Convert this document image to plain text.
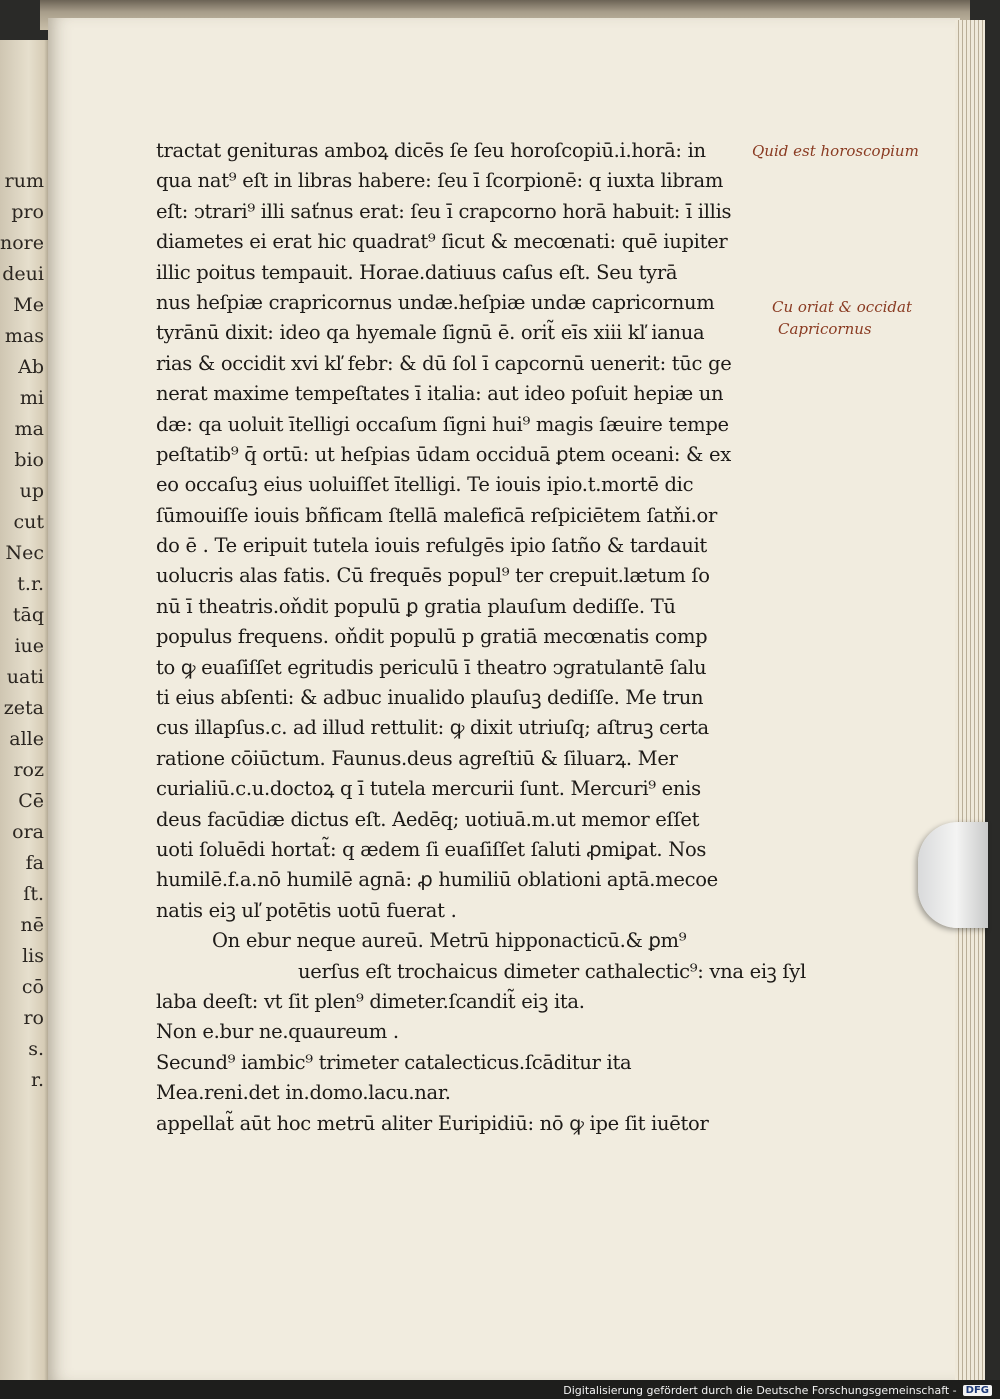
rum
pro
nore
deui
Me
mas
Ab
mi
ma
bio
up
cut
Nec
t.r.
tāq
iue
uati
zeta
alle
roz
Cē
ora
fa
ſt.
nē
lis
cō
ro
s.
r.
tractat genituras amboꝝ dicēs ſe ſeu horoſcopiū.i.horā: in
qua nat⁹ eſt in libras habere: ſeu ī ſcorpionē: q iuxta libram
eſt: ↄtrari⁹ illi saťnus erat: ſeu ī crapcorno horā habuit: ī illis
diametes ei erat hic quadrat⁹ ſicut & mecœnati: quē iupiter
illic poitus tempauit. Horae.datiuus caſus eſt. Seu tyrā
nus heſpiæ crapricornus undæ.heſpiæ undæ capricornum
tyrānū dixit: ideo qa hyemale ſignū ē. orit̃ eīs xiii kľ ianua
rias & occidit xvi kľ febr: & dū ſol ī capcornū uenerit: tūc ge
nerat maxime tempeſtates ī italia: aut ideo poſuit hepiæ un
dæ: qa uoluit ītelligi occaſum ſigni hui⁹ magis ſæuire tempe
peſtatib⁹ q̄ ortū: ut heſpias ūdam occiduā ꝑtem oceani: & ex
eo occaſuꝫ eius uoluiſſet ītelligi. Te iouis ipio.t.mortē dic
ſūmouiſſe iouis bñficam ſtellā maleficā reſpiciētem ſatňi.or
do ē . Te eripuit tutela iouis refulgēs ipio ſatño & tardauit
uolucris alas fatis. Cū frequēs popul⁹ ter crepuit.lætum ſo
nū ī theatris.oňdit populū ꝑ gratia plauſum dediſſe. Tū
populus frequens. oňdit populū p gratiā mecœnatis comp
to ꝙ euaſiſſet egritudis periculū ī theatro ↄgratulantē ſalu
ti eius abſenti: & adbuc inualido plauſuꝫ dediſſe. Me trun
cus illapſus.c. ad illud rettulit: ꝙ dixit utriuſq; aſtruꝫ certa
ratione cōiūctum. Faunus.deus agreſtiū & ſiluarꝝ. Mer
curialiū.c.u.doctoꝝ q ī tutela mercurii ſunt. Mercuri⁹ enis
deus facūdiæ dictus eſt. Aedēq; uotiuā.m.ut memor eſſet
uoti ſoluēdi hortat̃: q ædem ſi euaſiſſet ſaluti ꝓmiꝑat. Nos
humilē.f.a.nō humilē agnā: ꝓ humiliū oblationi aptā.mecoe
natis eiꝫ uľ potētis uotū fuerat .
On ebur neque aureū. Metrū hipponacticū.& ꝑm⁹
uerſus eſt trochaicus dimeter cathalectic⁹: vna eiꝫ ſyl
laba deeſt: vt ſit plen⁹ dimeter.ſcandit̃ eiꝫ ita.
Non e.bur ne.quaureum .
Secund⁹ iambic⁹ trimeter catalecticus.ſcāditur ita
Mea.reni.det in.domo.lacu.nar.
appellat̃ aūt hoc metrū aliter Euripidiū: nō ꝙ ipe ſit iuētor
Quid est horoscopium
Cu oriat & occidat
Capricornus
Digitalisierung gefördert durch die Deutsche Forschungsgemeinschaft - DFG
